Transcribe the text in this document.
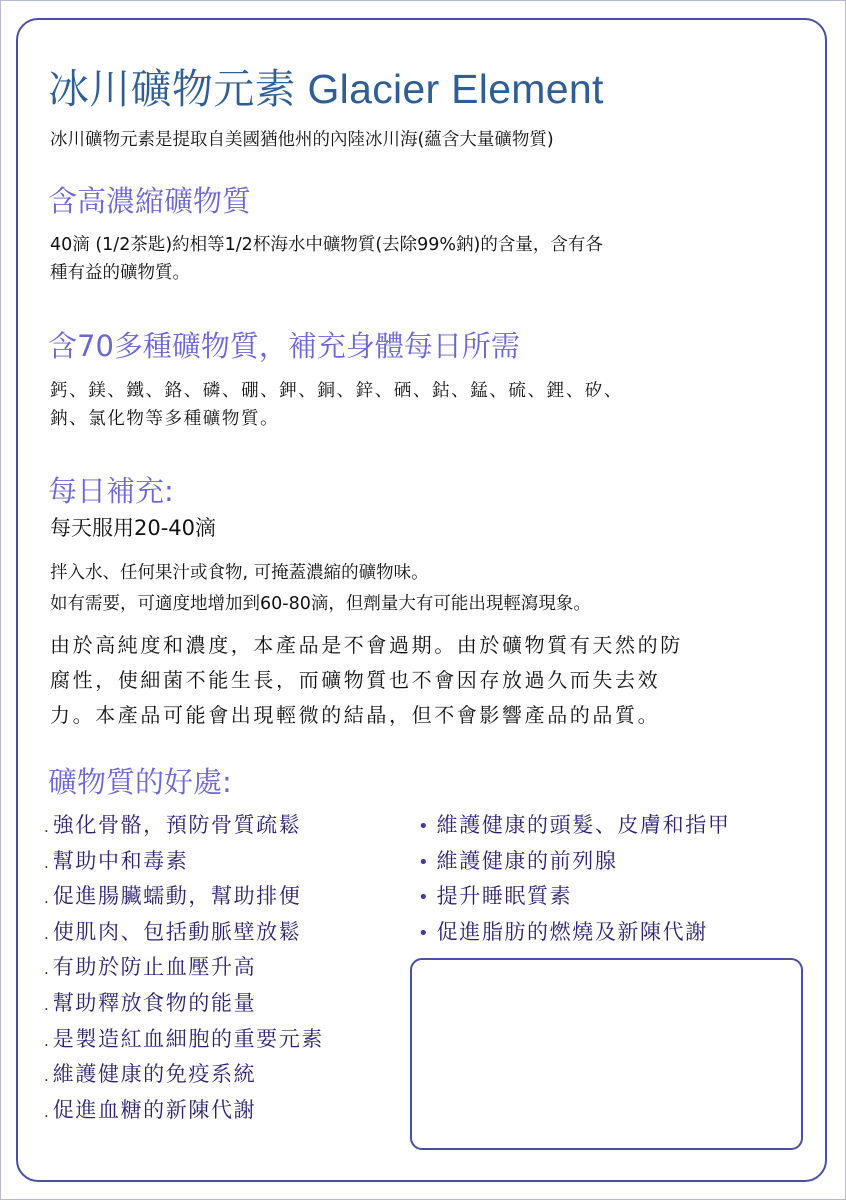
冰川礦物元素 Glacier Element

冰川礦物元素是提取自美國猶他州的內陸冰川海(蘊含大量礦物質)

含高濃縮礦物質

40滴 (1/2茶匙)約相等1/2杯海水中礦物質(去除99%鈉)的含量，含有各

種有益的礦物質。

含70多種礦物質，補充身體每日所需

鈣、鎂、鐵、鉻、磷、硼、鉀、銅、鋅、硒、鈷、錳、硫、鋰、矽、

鈉、氯化物等多種礦物質。

每日補充:

每天服用20-40滴

拌入水、任何果汁或食物, 可掩蓋濃縮的礦物味。

如有需要，可適度地增加到60-80滴，但劑量大有可能出現輕瀉現象。

由於高純度和濃度，本產品是不會過期。由於礦物質有天然的防

腐性，使細菌不能生長，而礦物質也不會因存放過久而失去效

力。本產品可能會出現輕微的結晶，但不會影響產品的品質。

礦物質的好處:
. 強化骨骼，預防骨質疏鬆
. 幫助中和毒素
. 促進腸臟蠕動，幫助排便
. 使肌肉、包括動脈壁放鬆
. 有助於防止血壓升高
. 幫助釋放食物的能量
. 是製造紅血細胞的重要元素
. 維護健康的免疫系統
. 促進血糖的新陳代謝
• 維護健康的頭髮、皮膚和指甲
• 維護健康的前列腺
• 提升睡眠質素
• 促進脂肪的燃燒及新陳代謝
